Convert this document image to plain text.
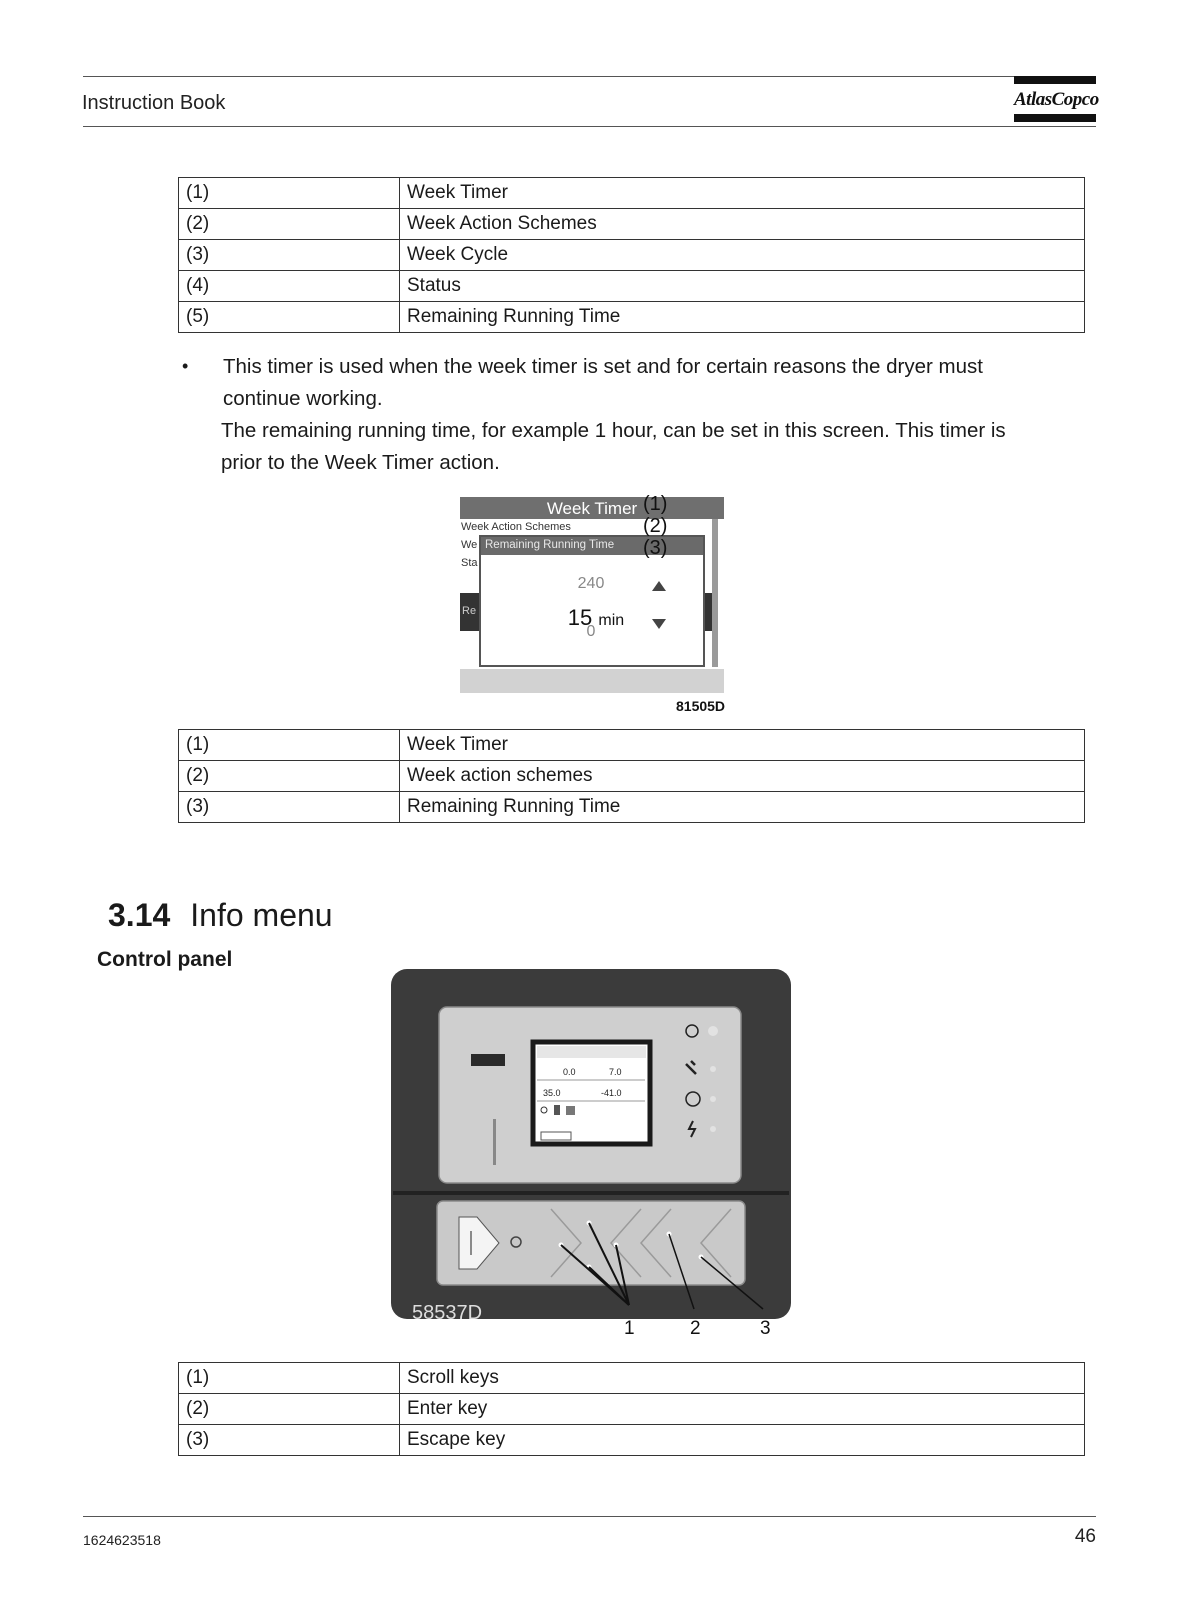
Instruction Book	AtlasCopco
(1)	Week Timer
(2)	Week Action Schemes
(3)	Week Cycle
(4)	Status
(5)	Remaining Running Time
• This timer is used when the week timer is set and for certain reasons the dryer must
continue working.
The remaining running time, for example 1 hour, can be set in this screen. This timer is
prior to the Week Timer action.
Week Timer
Week Action Schemes
We
Sta
Re
Remaining Running Time
240
15 min
0
(1)
(2)
(3)
81505D
(1)	Week Timer
(2)	Week action schemes
(3)	Remaining Running Time
3.14 Info menu
Control panel
0.0	7.0
35.0	-41.0
58537D
1	2	3
(1)	Scroll keys
(2)	Enter key
(3)	Escape key
1624623518	46
